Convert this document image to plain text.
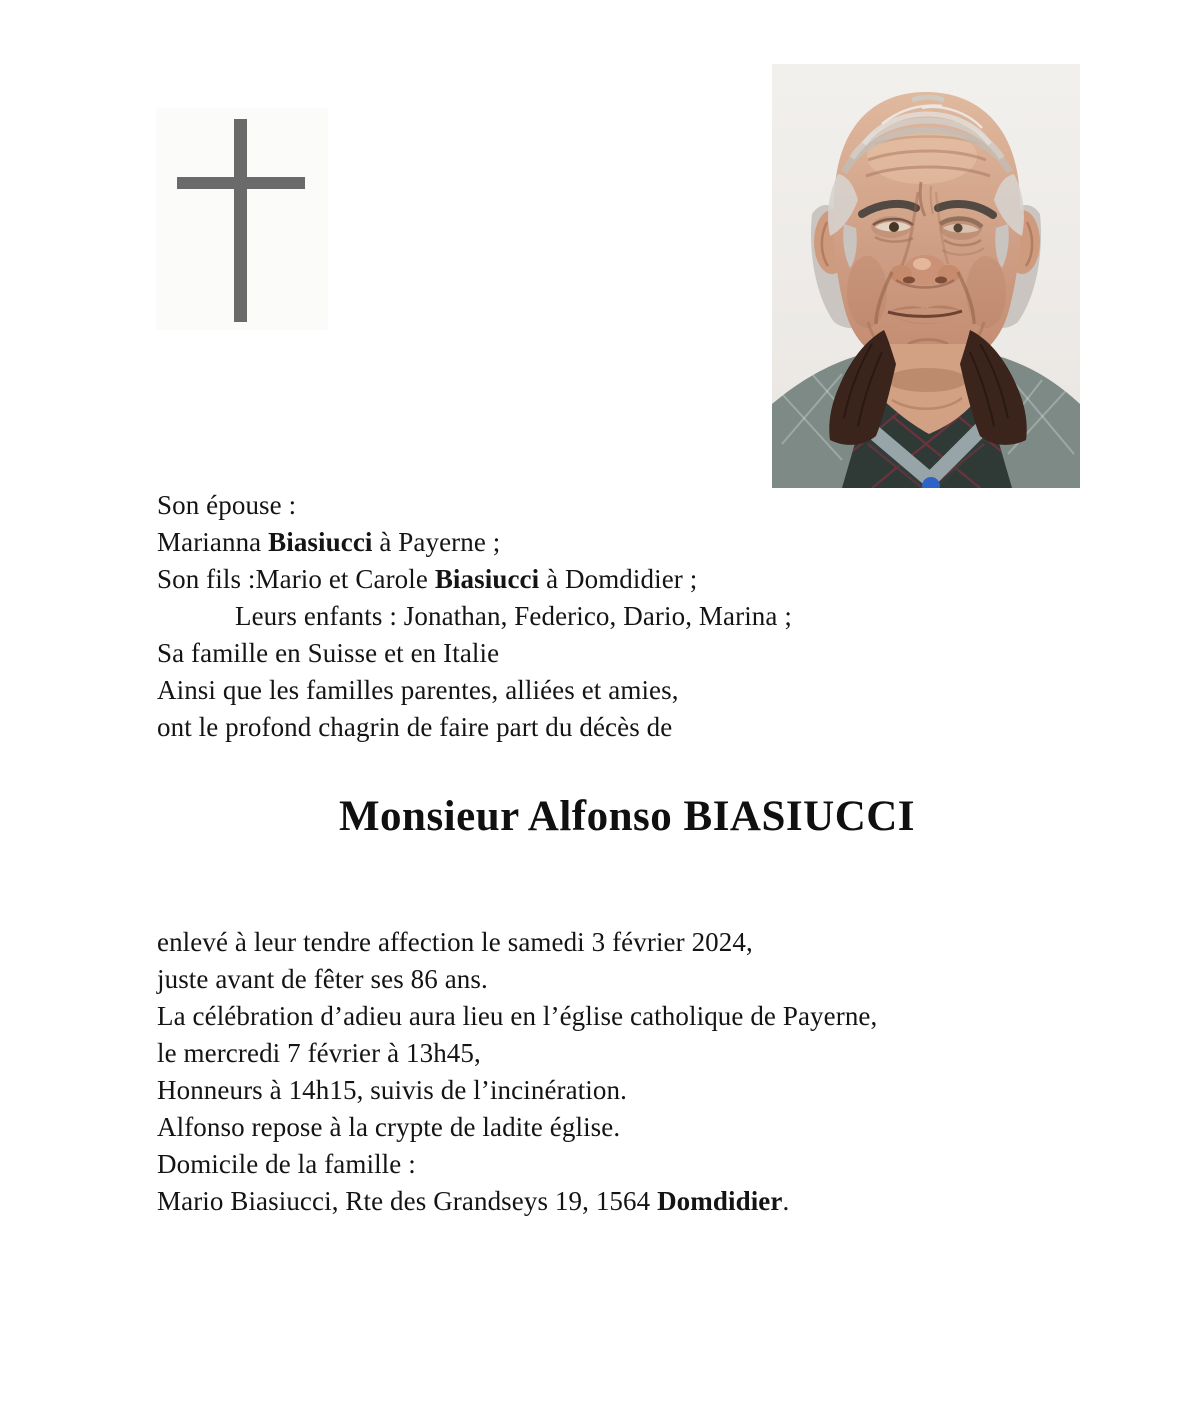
Son épouse :
Marianna Biasiucci à Payerne ;
Son fils :Mario et Carole Biasiucci à Domdidier ;
Leurs enfants : Jonathan, Federico, Dario, Marina ;
Sa famille en Suisse et en Italie
Ainsi que les familles parentes, alliées et amies,
ont le profond chagrin de faire part du décès de
Monsieur Alfonso BIASIUCCI
enlevé à leur tendre affection le samedi 3 février 2024,
juste avant de fêter ses 86 ans.
La célébration d’adieu aura lieu en l’église catholique de Payerne,
le mercredi 7 février à 13h45,
Honneurs à 14h15, suivis de l’incinération.
Alfonso repose à la crypte de ladite église.
Domicile de la famille :
Mario Biasiucci, Rte des Grandseys 19, 1564 Domdidier.
